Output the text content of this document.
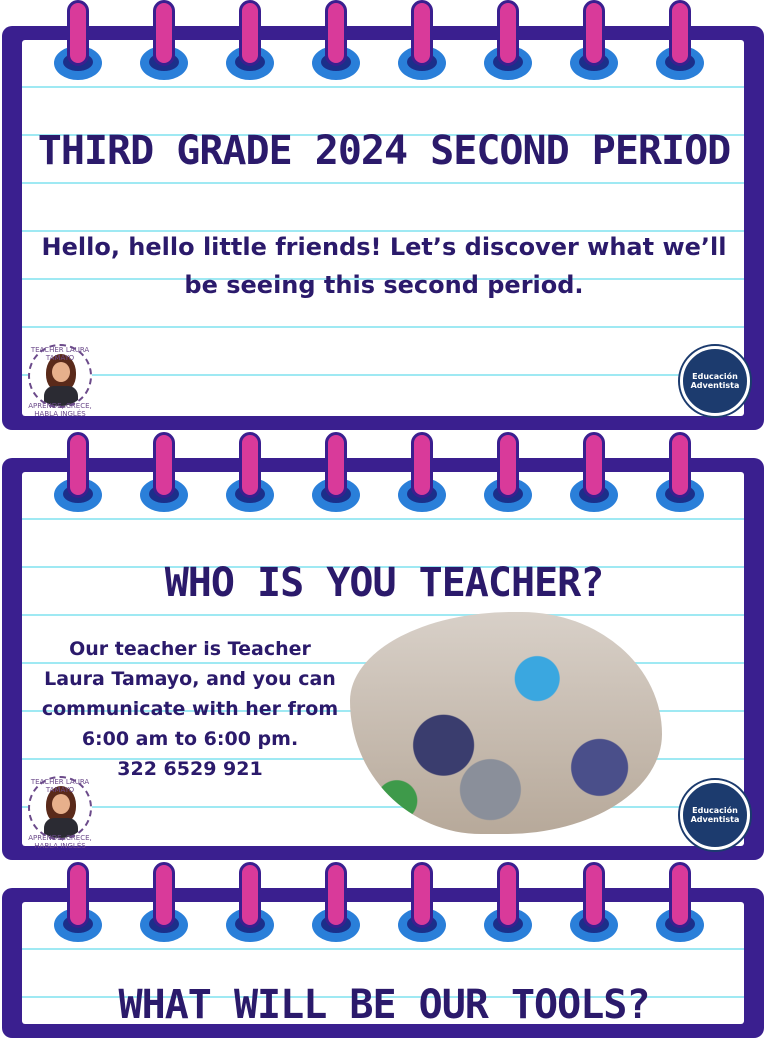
THIRD GRADE 2024 SECOND PERIOD
Hello, hello little friends! Let’s discover what we’ll be seeing this second period.
TEACHER LAURA TAMAYO
APRENDE, CRECE, HABLA INGLÉS
Educación Adventista
WHO IS YOU TEACHER?
Our teacher is Teacher Laura Tamayo, and you can communicate with her from 6:00 am to 6:00 pm.
322 6529 921
TEACHER LAURA TAMAYO
APRENDE, CRECE, HABLA INGLÉS
Educación Adventista
WHAT WILL BE OUR TOOLS?
